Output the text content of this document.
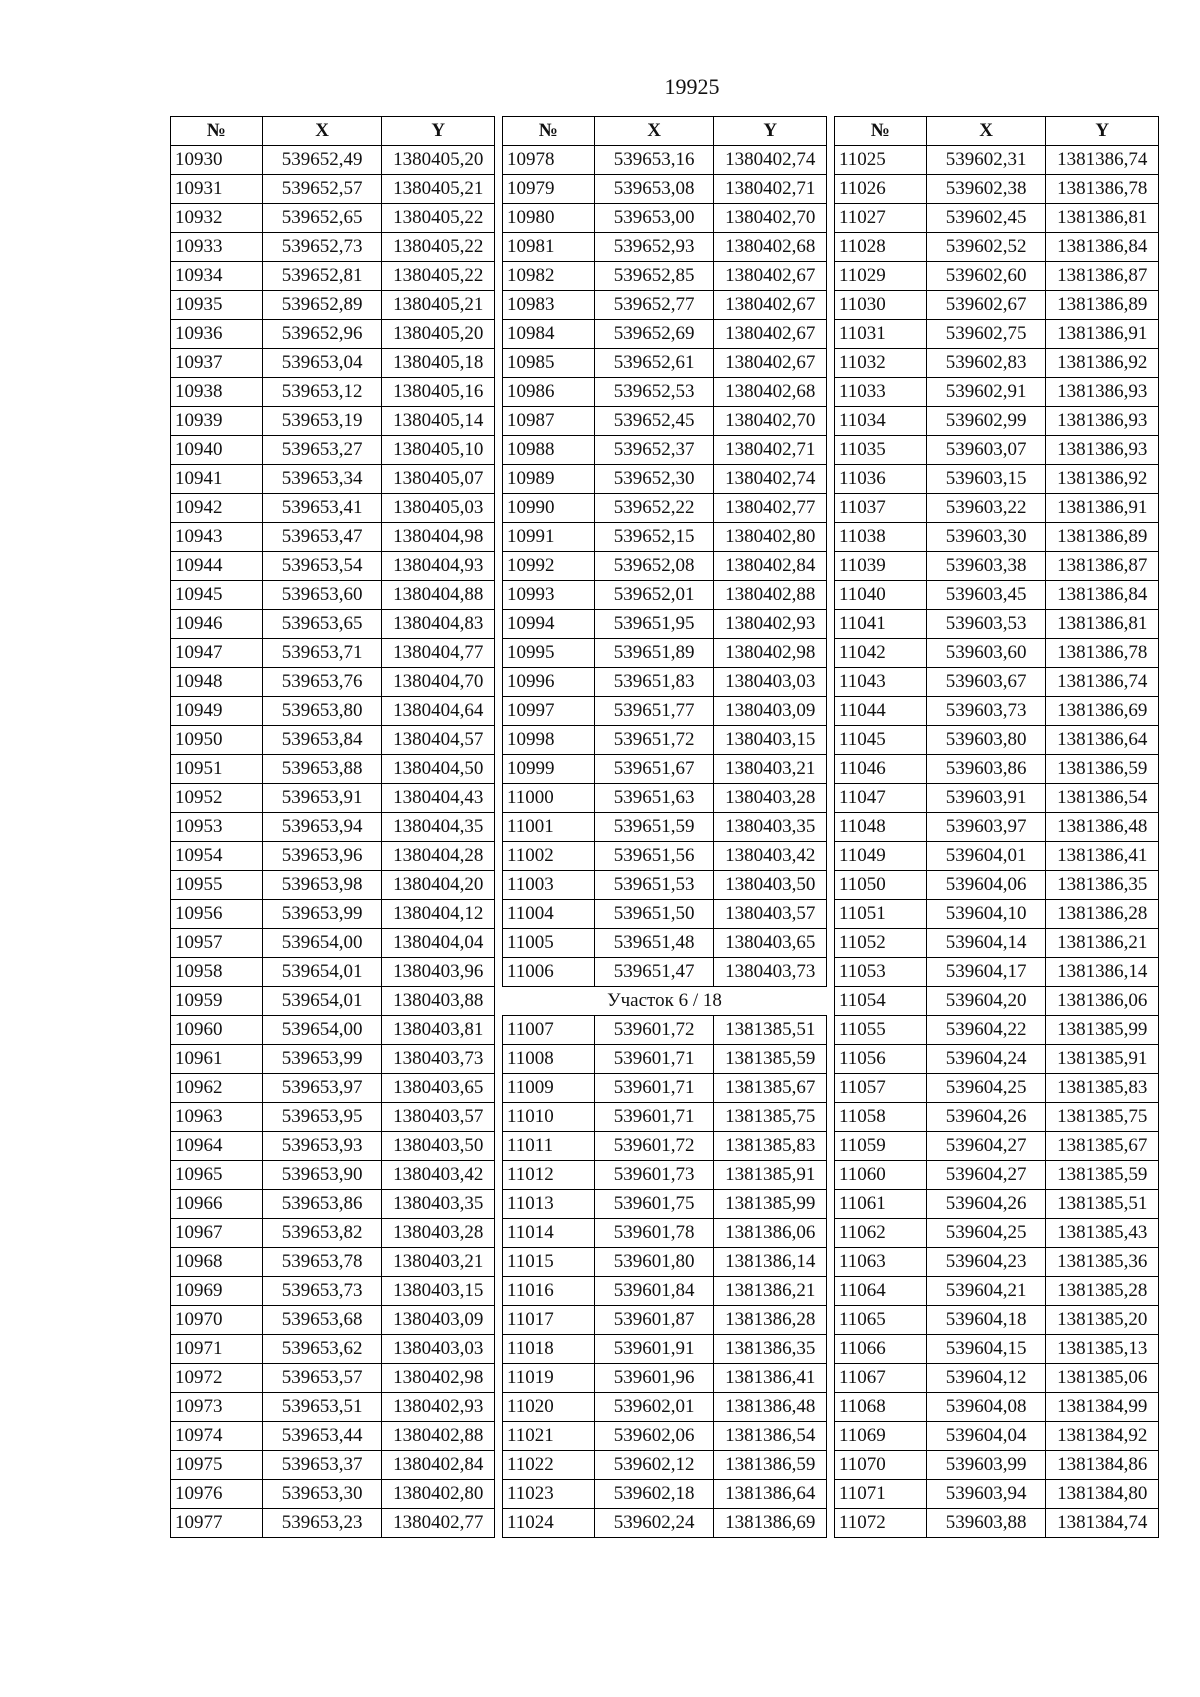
19925
№	X	Y
10930	539652,49	1380405,20
10931	539652,57	1380405,21
10932	539652,65	1380405,22
10933	539652,73	1380405,22
10934	539652,81	1380405,22
10935	539652,89	1380405,21
10936	539652,96	1380405,20
10937	539653,04	1380405,18
10938	539653,12	1380405,16
10939	539653,19	1380405,14
10940	539653,27	1380405,10
10941	539653,34	1380405,07
10942	539653,41	1380405,03
10943	539653,47	1380404,98
10944	539653,54	1380404,93
10945	539653,60	1380404,88
10946	539653,65	1380404,83
10947	539653,71	1380404,77
10948	539653,76	1380404,70
10949	539653,80	1380404,64
10950	539653,84	1380404,57
10951	539653,88	1380404,50
10952	539653,91	1380404,43
10953	539653,94	1380404,35
10954	539653,96	1380404,28
10955	539653,98	1380404,20
10956	539653,99	1380404,12
10957	539654,00	1380404,04
10958	539654,01	1380403,96
10959	539654,01	1380403,88
10960	539654,00	1380403,81
10961	539653,99	1380403,73
10962	539653,97	1380403,65
10963	539653,95	1380403,57
10964	539653,93	1380403,50
10965	539653,90	1380403,42
10966	539653,86	1380403,35
10967	539653,82	1380403,28
10968	539653,78	1380403,21
10969	539653,73	1380403,15
10970	539653,68	1380403,09
10971	539653,62	1380403,03
10972	539653,57	1380402,98
10973	539653,51	1380402,93
10974	539653,44	1380402,88
10975	539653,37	1380402,84
10976	539653,30	1380402,80
10977	539653,23	1380402,77
№	X	Y
10978	539653,16	1380402,74
10979	539653,08	1380402,71
10980	539653,00	1380402,70
10981	539652,93	1380402,68
10982	539652,85	1380402,67
10983	539652,77	1380402,67
10984	539652,69	1380402,67
10985	539652,61	1380402,67
10986	539652,53	1380402,68
10987	539652,45	1380402,70
10988	539652,37	1380402,71
10989	539652,30	1380402,74
10990	539652,22	1380402,77
10991	539652,15	1380402,80
10992	539652,08	1380402,84
10993	539652,01	1380402,88
10994	539651,95	1380402,93
10995	539651,89	1380402,98
10996	539651,83	1380403,03
10997	539651,77	1380403,09
10998	539651,72	1380403,15
10999	539651,67	1380403,21
11000	539651,63	1380403,28
11001	539651,59	1380403,35
11002	539651,56	1380403,42
11003	539651,53	1380403,50
11004	539651,50	1380403,57
11005	539651,48	1380403,65
11006	539651,47	1380403,73
Участок 6 / 18		
11007	539601,72	1381385,51
11008	539601,71	1381385,59
11009	539601,71	1381385,67
11010	539601,71	1381385,75
11011	539601,72	1381385,83
11012	539601,73	1381385,91
11013	539601,75	1381385,99
11014	539601,78	1381386,06
11015	539601,80	1381386,14
11016	539601,84	1381386,21
11017	539601,87	1381386,28
11018	539601,91	1381386,35
11019	539601,96	1381386,41
11020	539602,01	1381386,48
11021	539602,06	1381386,54
11022	539602,12	1381386,59
11023	539602,18	1381386,64
11024	539602,24	1381386,69
№	X	Y
11025	539602,31	1381386,74
11026	539602,38	1381386,78
11027	539602,45	1381386,81
11028	539602,52	1381386,84
11029	539602,60	1381386,87
11030	539602,67	1381386,89
11031	539602,75	1381386,91
11032	539602,83	1381386,92
11033	539602,91	1381386,93
11034	539602,99	1381386,93
11035	539603,07	1381386,93
11036	539603,15	1381386,92
11037	539603,22	1381386,91
11038	539603,30	1381386,89
11039	539603,38	1381386,87
11040	539603,45	1381386,84
11041	539603,53	1381386,81
11042	539603,60	1381386,78
11043	539603,67	1381386,74
11044	539603,73	1381386,69
11045	539603,80	1381386,64
11046	539603,86	1381386,59
11047	539603,91	1381386,54
11048	539603,97	1381386,48
11049	539604,01	1381386,41
11050	539604,06	1381386,35
11051	539604,10	1381386,28
11052	539604,14	1381386,21
11053	539604,17	1381386,14
11054	539604,20	1381386,06
11055	539604,22	1381385,99
11056	539604,24	1381385,91
11057	539604,25	1381385,83
11058	539604,26	1381385,75
11059	539604,27	1381385,67
11060	539604,27	1381385,59
11061	539604,26	1381385,51
11062	539604,25	1381385,43
11063	539604,23	1381385,36
11064	539604,21	1381385,28
11065	539604,18	1381385,20
11066	539604,15	1381385,13
11067	539604,12	1381385,06
11068	539604,08	1381384,99
11069	539604,04	1381384,92
11070	539603,99	1381384,86
11071	539603,94	1381384,80
11072	539603,88	1381384,74
